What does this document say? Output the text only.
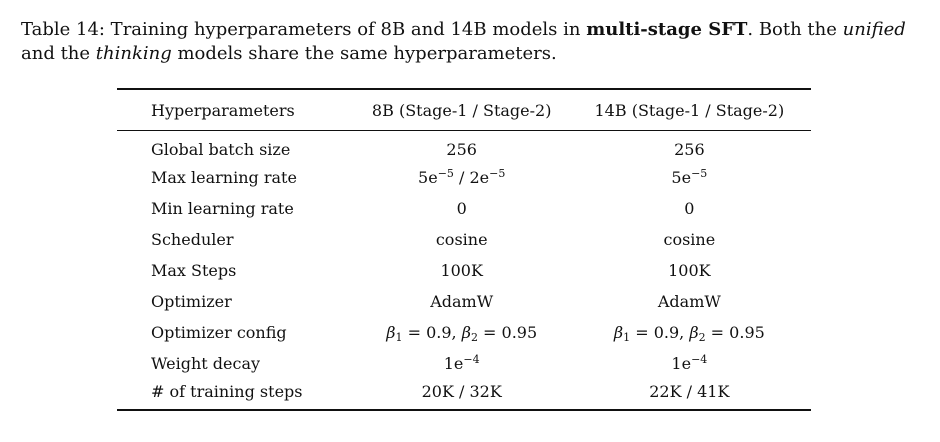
Table 14: Training hyperparameters of 8B and 14B models in multi-stage SFT. Both the unified and the thinking models share the same hyperparameters.
Hyperparameters	8B (Stage-1 / Stage-2)	14B (Stage-1 / Stage-2)
Global batch size	256	256
Max learning rate	$5e^{-5} / 2e^{-5}$	$5e^{-5}$
Min learning rate	0	0
Scheduler	cosine	cosine
Max Steps	100K	100K
Optimizer	AdamW	AdamW
Optimizer config	$\beta_1 = 0.9$, $\beta_2 = 0.95$	$\beta_1 = 0.9$, $\beta_2 = 0.95$
Weight decay	$1e^{-4}$	$1e^{-4}$
# of training steps	20K / 32K	22K / 41K
